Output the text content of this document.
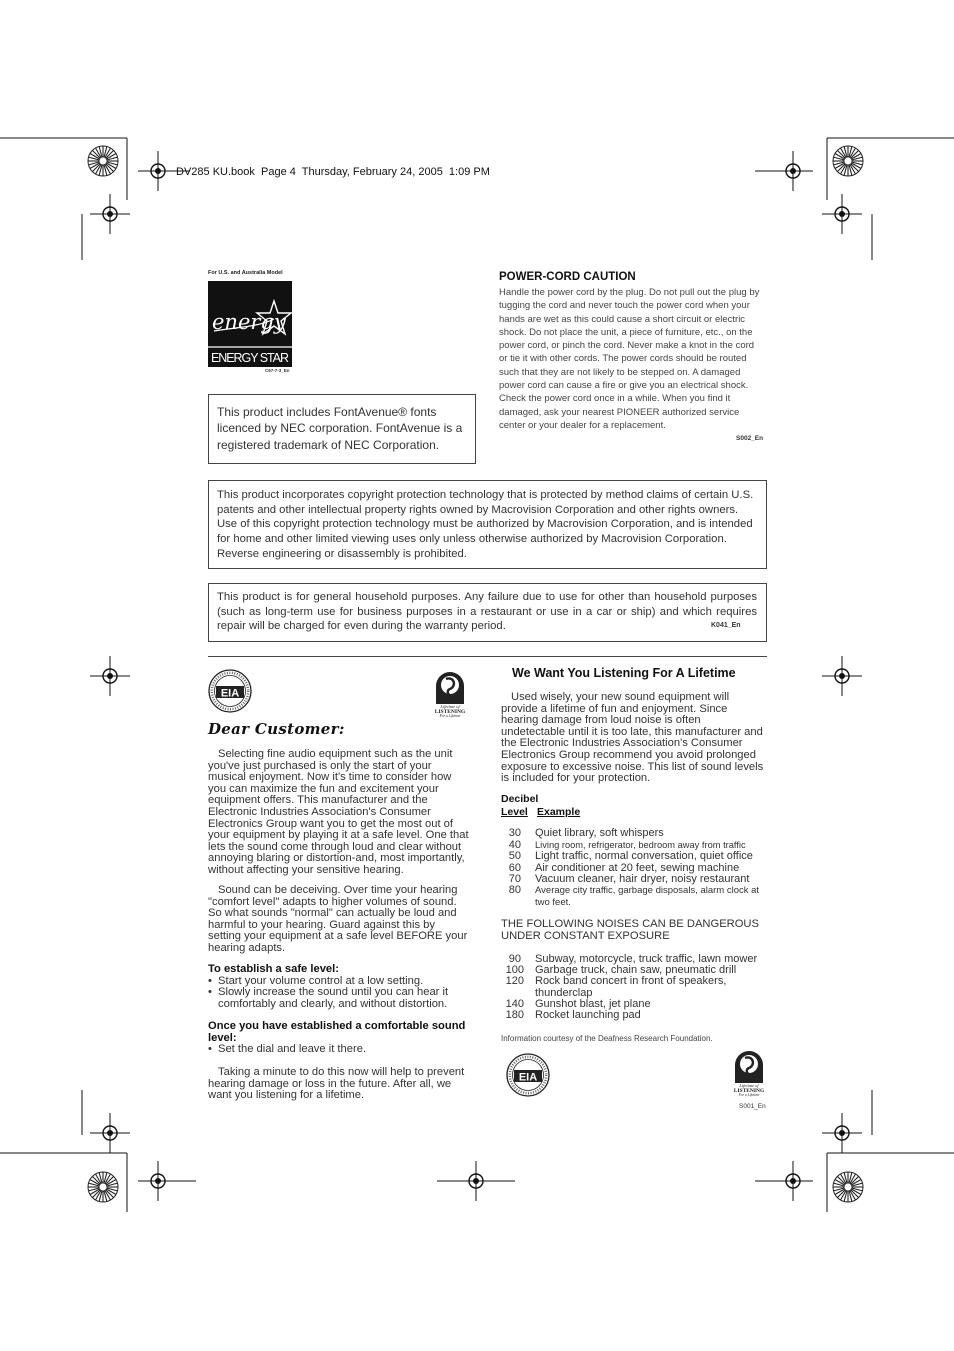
DV285 KU.book  Page 4  Thursday, February 24, 2005  1:09 PM
For U.S. and Australia Model
energy
ENERGY STAR
C67-7-3_En
This product includes FontAvenue® fonts licenced by NEC corporation. FontAvenue is a registered trademark of NEC Corporation.
POWER-CORD CAUTION
Handle the power cord by the plug. Do not pull out the plug by tugging the cord and never touch the power cord when your hands are wet as this could cause a short circuit or electric shock. Do not place the unit, a piece of furniture, etc., on the power cord, or pinch the cord. Never make a knot in the cord or tie it with other cords. The power cords should be routed such that they are not likely to be stepped on. A damaged power cord can cause a fire or give you an electrical shock. Check the power cord once in a while. When you find it damaged, ask your nearest PIONEER authorized service center or your dealer for a replacement.
S002_En
This product incorporates copyright protection technology that is protected by method claims of certain U.S. patents and other intellectual property rights owned by Macrovision Corporation and other rights owners. Use of this copyright protection technology must be authorized by Macrovision Corporation, and is intended for home and other limited viewing uses only unless otherwise authorized by Macrovision Corporation. Reverse engineering or disassembly is prohibited.
This product is for general household purposes. Any failure due to use for other than household purposes (such as long-term use for business purposes in a restaurant or use in a car or ship) and which requires repair will be charged for even during the warranty period.	K041_En
EIA
Lifetime of
LISTENING
For a Lifetime
Dear Customer:
Selecting fine audio equipment such as the unit you've just purchased is only the start of your musical enjoyment. Now it's time to consider how you can maximize the fun and excitement your equipment offers. This manufacturer and the Electronic Industries Association's Consumer Electronics Group want you to get the most out of your equipment by playing it at a safe level. One that lets the sound come through loud and clear without annoying blaring or distortion-and, most importantly, without affecting your sensitive hearing.
Sound can be deceiving. Over time your hearing "comfort level" adapts to higher volumes of sound. So what sounds "normal" can actually be loud and harmful to your hearing. Guard against this by setting your equipment at a safe level BEFORE your hearing adapts.
To establish a safe level:
• Start your volume control at a low setting.
• Slowly increase the sound until you can hear it comfortably and clearly, and without distortion.
Once you have established a comfortable sound level:
• Set the dial and leave it there.
Taking a minute to do this now will help to prevent hearing damage or loss in the future. After all, we want you listening for a lifetime.
We Want You Listening For A Lifetime
Used wisely, your new sound equipment will provide a lifetime of fun and enjoyment. Since hearing damage from loud noise is often undetectable until it is too late, this manufacturer and the Electronic Industries Association's Consumer Electronics Group recommend you avoid prolonged exposure to excessive noise. This list of sound levels is included for your protection.
Decibel
Level Example
30 Quiet library, soft whispers
40 Living room, refrigerator, bedroom away from traffic
50 Light traffic, normal conversation, quiet office
60 Air conditioner at 20 feet, sewing machine
70 Vacuum cleaner, hair dryer, noisy restaurant
80 Average city traffic, garbage disposals, alarm clock at two feet.
THE FOLLOWING NOISES CAN BE DANGEROUS UNDER CONSTANT EXPOSURE
90 Subway, motorcycle, truck traffic, lawn mower
100 Garbage truck, chain saw, pneumatic drill
120 Rock band concert in front of speakers, thunderclap
140 Gunshot blast, jet plane
180 Rocket launching pad
Information courtesy of the Deafness Research Foundation.
EIA
Lifetime of
LISTENING
For a Lifetime
S001_En
